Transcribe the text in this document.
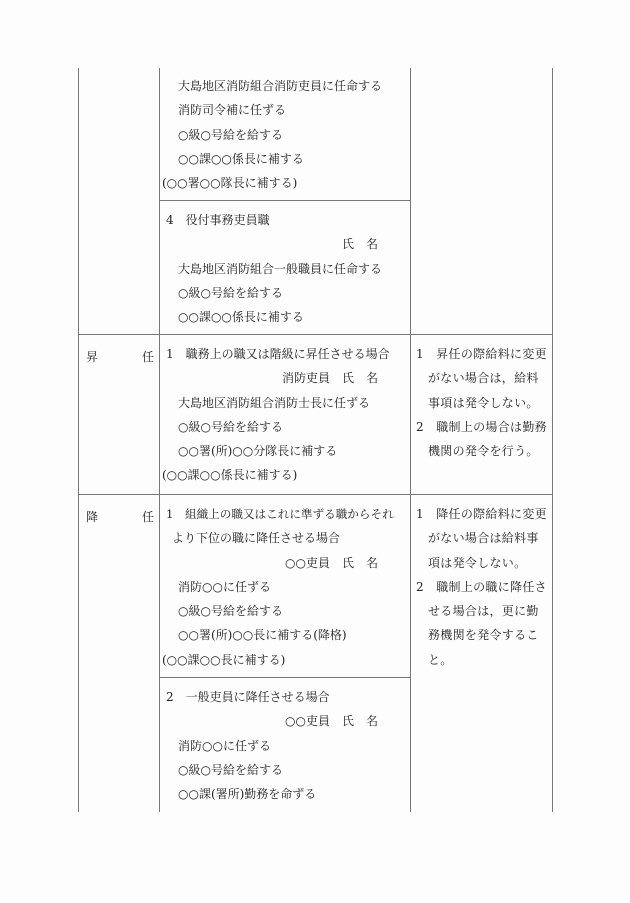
大島地区消防組合消防吏員に任命する
消防司令補に任ずる
○級○号給を給する
○○課○○係長に補する
(○○署○○隊長に補する)
4　役付事務吏員職
氏　名
大島地区消防組合一般職員に任命する
○級○号給を給する
○○課○○係長に補する
昇	任 1　職務上の職又は階級に昇任させる場合
消防吏員　氏　名
大島地区消防組合消防士長に任ずる
○級○号給を給する
○○署(所)○○分隊長に補する
(○○課○○係長に補する)
1　昇任の際給料に変更がない場合は，給料事項は発令しない。
2　職制上の場合は勤務機関の発令を行う。
降	任 1　組織上の職又はこれに準ずる職からそれ
より下位の職に降任させる場合
○○吏員　氏　名
消防○○に任ずる
○級○号給を給する
○○署(所)○○長に補する(降格)
(○○課○○長に補する)
2　一般吏員に降任させる場合
○○吏員　氏　名
消防○○に任ずる
○級○号給を給する
○○課(署所)勤務を命ずる
1　降任の際給料に変更がない場合は給料事項は発令しない。
2　職制上の職に降任させる場合は，更に勤務機関を発令すること。
